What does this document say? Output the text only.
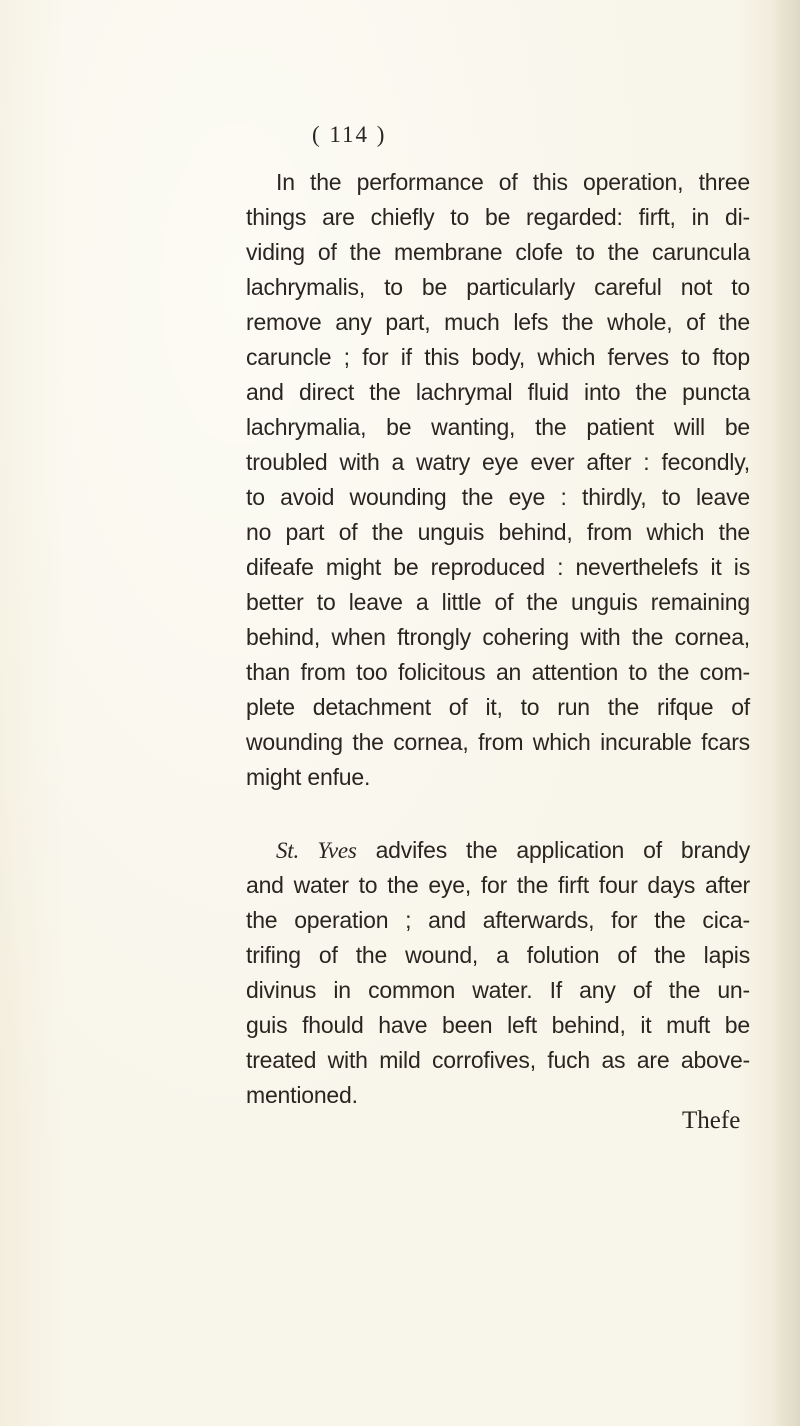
( 114 )
In the performance of this operation, three
things are chiefly to be regarded: firft, in di-
viding of the membrane clofe to the caruncula
lachrymalis, to be particularly careful not to
remove any part, much lefs the whole, of the
caruncle ; for if this body, which ferves to ftop
and direct the lachrymal fluid into the puncta
lachrymalia, be wanting, the patient will be
troubled with a watry eye ever after : fecondly,
to avoid wounding the eye : thirdly, to leave
no part of the unguis behind, from which the
difeafe might be reproduced : neverthelefs it is
better to leave a little of the unguis remaining
behind, when ftrongly cohering with the cornea,
than from too folicitous an attention to the com-
plete detachment of it, to run the rifque of
wounding the cornea, from which incurable fcars
might enfue.
St. Yves advifes the application of brandy
and water to the eye, for the firft four days after
the operation ; and afterwards, for the cica-
trifing of the wound, a folution of the lapis
divinus in common water. If any of the un-
guis fhould have been left behind, it muft be
treated with mild corrofives, fuch as are above-
mentioned.
Thefe
